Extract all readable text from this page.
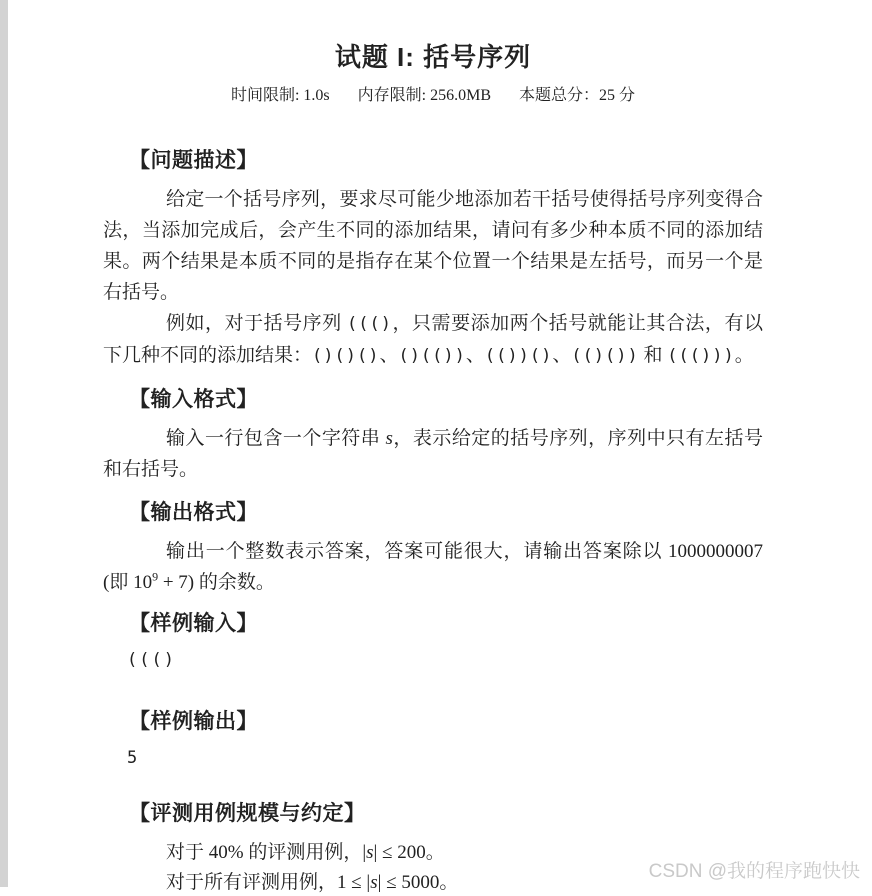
试题 I: 括号序列
时间限制: 1.0s 内存限制: 256.0MB 本题总分：25 分
【问题描述】

给定一个括号序列，要求尽可能少地添加若干括号使得括号序列变得合法，当添加完成后，会产生不同的添加结果，请问有多少种本质不同的添加结果。两个结果是本质不同的是指存在某个位置一个结果是左括号，而另一个是右括号。

例如，对于括号序列 ((()，只需要添加两个括号就能让其合法，有以下几种不同的添加结果：()()()、()(())、(())()、(()()) 和 ((()))。

【输入格式】

输入一行包含一个字符串 s，表示给定的括号序列，序列中只有左括号和右括号。

【输出格式】

输出一个整数表示答案，答案可能很大，请输出答案除以 1000000007 (即 $10^9 + 7$) 的余数。

【样例输入】
((()
【样例输出】
5
【评测用例规模与约定】

对于 40% 的评测用例，|s| ≤ 200。

对于所有评测用例，1 ≤ |s| ≤ 5000。

CSDN @我的程序跑快快
